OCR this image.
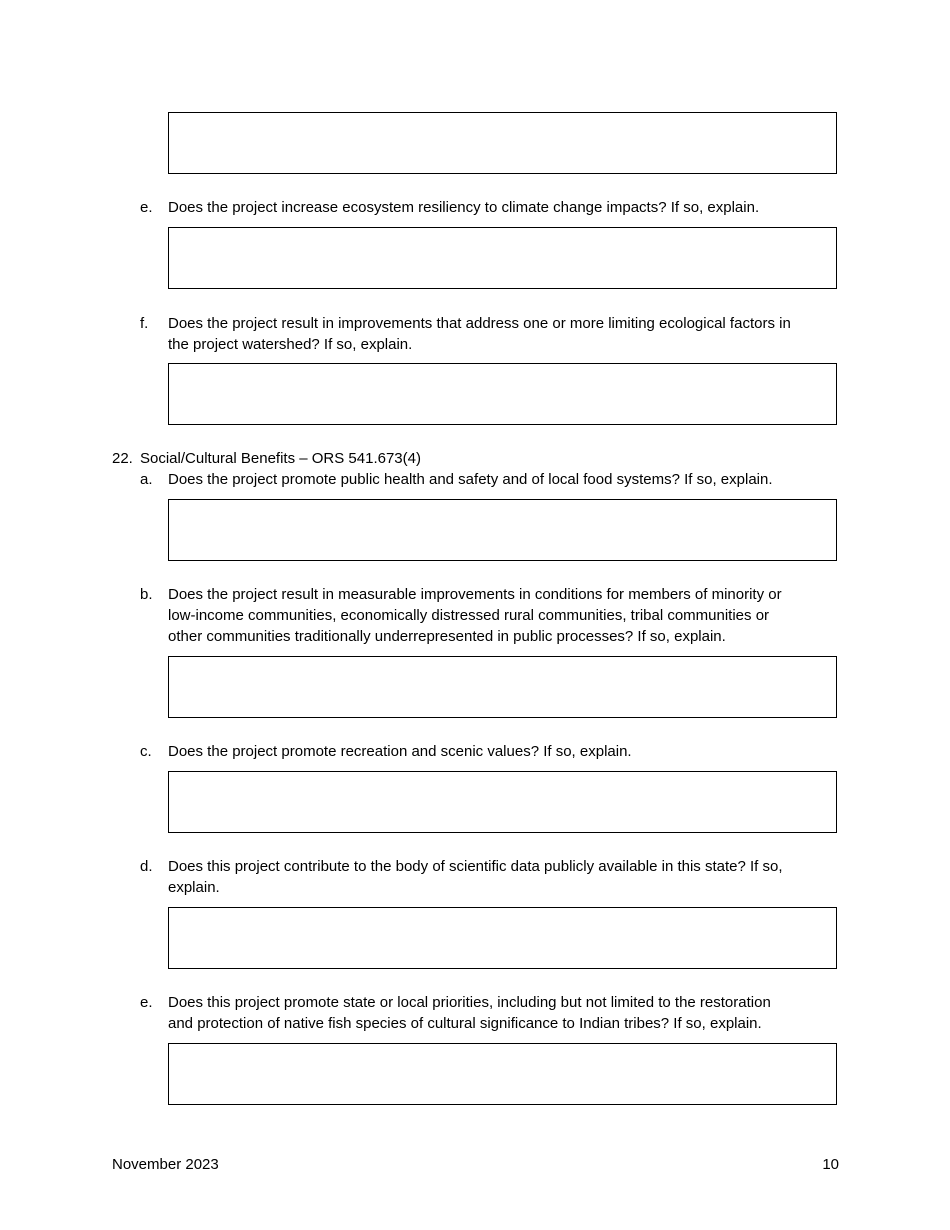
e. Does the project increase ecosystem resiliency to climate change impacts? If so, explain.
f. Does the project result in improvements that address one or more limiting ecological factors in
the project watershed? If so, explain.
22. Social/Cultural Benefits – ORS 541.673(4)
a. Does the project promote public health and safety and of local food systems? If so, explain.
b. Does the project result in measurable improvements in conditions for members of minority or
low-income communities, economically distressed rural communities, tribal communities or
other communities traditionally underrepresented in public processes? If so, explain.
c. Does the project promote recreation and scenic values? If so, explain.
d. Does this project contribute to the body of scientific data publicly available in this state? If so,
explain.
e. Does this project promote state or local priorities, including but not limited to the restoration
and protection of native fish species of cultural significance to Indian tribes? If so, explain.
November 2023	10
